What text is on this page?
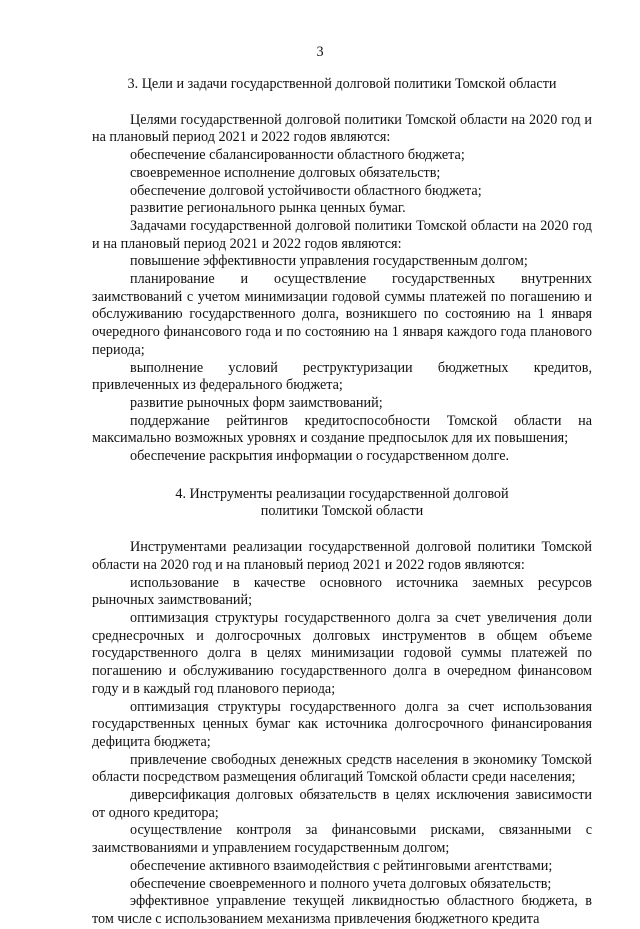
3

3. Цели и задачи государственной долговой политики Томской области

Целями государственной долговой политики Томской области на 2020 год и на плановый период 2021 и 2022 годов являются:

обеспечение сбалансированности областного бюджета;

своевременное исполнение долговых обязательств;

обеспечение долговой устойчивости областного бюджета;

развитие регионального рынка ценных бумаг.

Задачами государственной долговой политики Томской области на 2020 год и на плановый период 2021 и 2022 годов являются:

повышение эффективности управления государственным долгом;

планирование и осуществление государственных внутренних заимствований с учетом минимизации годовой суммы платежей по погашению и обслуживанию государственного долга, возникшего по состоянию на 1 января очередного финансового года и по состоянию на 1 января каждого года планового периода;

выполнение условий реструктуризации бюджетных кредитов, привлеченных из федерального бюджета;

развитие рыночных форм заимствований;

поддержание рейтингов кредитоспособности Томской области на максимально возможных уровнях и создание предпосылок для их повышения;

обеспечение раскрытия информации о государственном долге.

4. Инструменты реализации государственной долговой

политики Томской области

Инструментами реализации государственной долговой политики Томской области на 2020 год и на плановый период 2021 и 2022 годов являются:

использование в качестве основного источника заемных ресурсов рыночных заимствований;

оптимизация структуры государственного долга за счет увеличения доли среднесрочных и долгосрочных долговых инструментов в общем объеме государственного долга в целях минимизации годовой суммы платежей по погашению и обслуживанию государственного долга в очередном финансовом году и в каждый год планового периода;

оптимизация структуры государственного долга за счет использования государственных ценных бумаг как источника долгосрочного финансирования дефицита бюджета;

привлечение свободных денежных средств населения в экономику Томской области посредством размещения облигаций Томской области среди населения;

диверсификация долговых обязательств в целях исключения зависимости от одного кредитора;

осуществление контроля за финансовыми рисками, связанными с заимствованиями и управлением государственным долгом;

обеспечение активного взаимодействия с рейтинговыми агентствами;

обеспечение своевременного и полного учета долговых обязательств;

эффективное управление текущей ликвидностью областного бюджета, в том числе с использованием механизма привлечения бюджетного кредита
